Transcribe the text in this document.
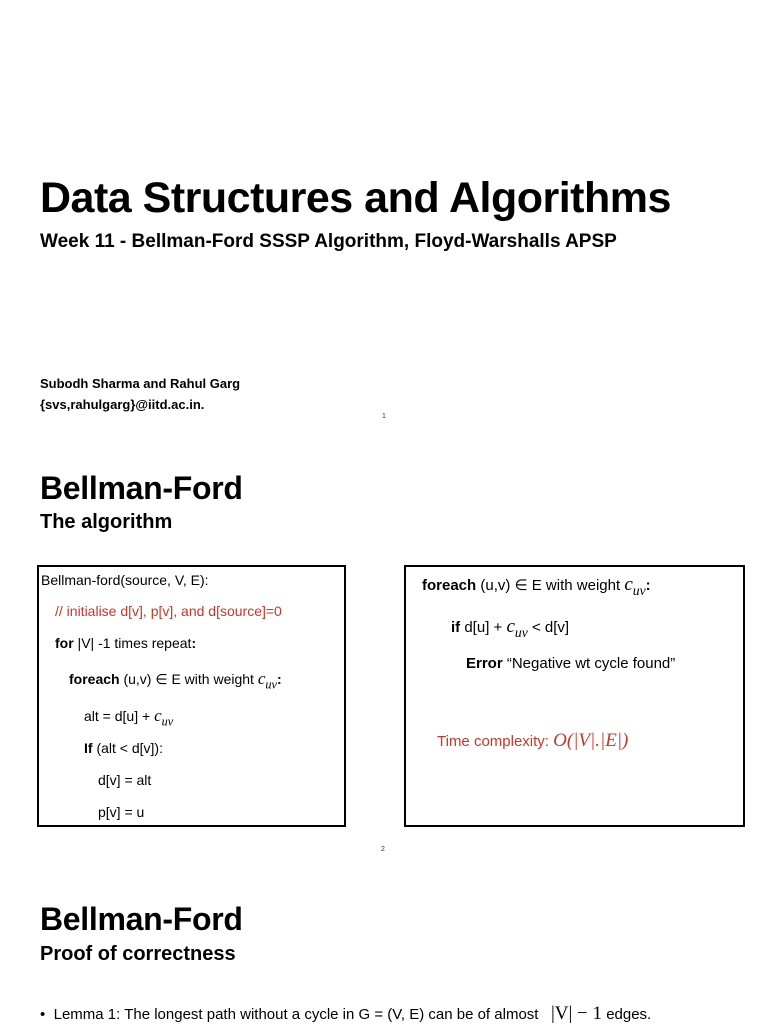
Data Structures and Algorithms
Week 11 - Bellman-Ford SSSP Algorithm, Floyd-Warshalls APSP
Subodh Sharma and Rahul Garg
{svs,rahulgarg}@iitd.ac.in.
1
Bellman-Ford
The algorithm
Bellman-ford(source, V, E):
// initialise d[v], p[v], and d[source]=0
for |V| -1 times repeat:
foreach (u,v) ∈ E with weight $c_{uv}$:
alt = $d[u] + c_{uv}$
If (alt < d[v]):
d[v] = alt
p[v] = u
foreach (u,v) ∈ E with weight $c_{uv}$:
if $d[u] + c_{uv} < d[v]$
Error “Negative wt cycle found”
Time complexity: O(|V|.|E|)
2
Bellman-Ford
Proof of correctness
• Lemma 1: The longest path without a cycle in G = (V, E) can be of almost |V| − 1 edges.
